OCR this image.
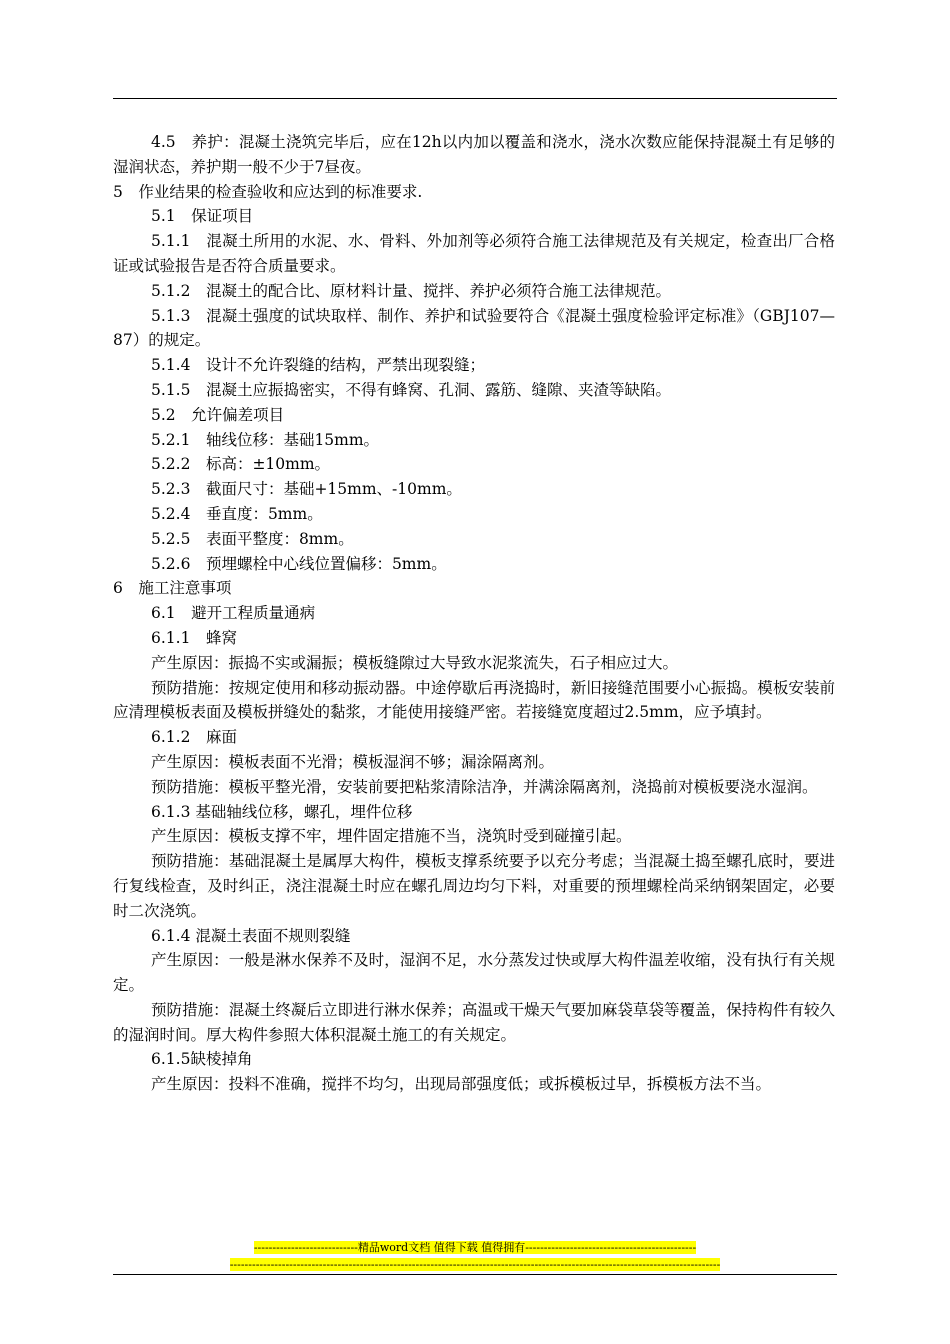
4.5　养护：混凝土浇筑完毕后，应在12h以内加以覆盖和浇水，浇水次数应能保持混凝土有足够的湿润状态，养护期一般不少于7昼夜。

5　作业结果的检查验收和应达到的标准要求.

5.1　保证项目

5.1.1　混凝土所用的水泥、水、骨料、外加剂等必须符合施工法律规范及有关规定，检查出厂合格证或试验报告是否符合质量要求。

5.1.2　混凝土的配合比、原材料计量、搅拌、养护必须符合施工法律规范。

5.1.3　混凝土强度的试块取样、制作、养护和试验要符合《混凝土强度检验评定标准》（GBJ107—87）的规定。

5.1.4　设计不允许裂缝的结构，严禁出现裂缝；

5.1.5　混凝土应振捣密实，不得有蜂窝、孔洞、露筋、缝隙、夹渣等缺陷。

5.2　允许偏差项目

5.2.1　轴线位移：基础15mm。

5.2.2　标高：±10mm。

5.2.3　截面尺寸：基础+15mm、-10mm。

5.2.4　垂直度：5mm。

5.2.5　表面平整度：8mm。

5.2.6　预埋螺栓中心线位置偏移：5mm。

6　施工注意事项

6.1　避开工程质量通病

6.1.1　蜂窝

产生原因：振捣不实或漏振；模板缝隙过大导致水泥浆流失，石子相应过大。

预防措施：按规定使用和移动振动器。中途停歇后再浇捣时，新旧接缝范围要小心振捣。模板安装前应清理模板表面及模板拼缝处的黏浆，才能使用接缝严密。若接缝宽度超过2.5mm，应予填封。

6.1.2　麻面

产生原因：模板表面不光滑；模板湿润不够；漏涂隔离剂。

预防措施：模板平整光滑，安装前要把粘浆清除洁净，并满涂隔离剂，浇捣前对模板要浇水湿润。

6.1.3 基础轴线位移，螺孔，埋件位移

产生原因：模板支撑不牢，埋件固定措施不当，浇筑时受到碰撞引起。

预防措施：基础混凝土是属厚大构件，模板支撑系统要予以充分考虑；当混凝土捣至螺孔底时，要进行复线检查，及时纠正，浇注混凝土时应在螺孔周边均匀下料，对重要的预埋螺栓尚采纳钢架固定，必要时二次浇筑。

6.1.4 混凝土表面不规则裂缝

产生原因：一般是淋水保养不及时，湿润不足，水分蒸发过快或厚大构件温差收缩，没有执行有关规定。

预防措施：混凝土终凝后立即进行淋水保养；高温或干燥天气要加麻袋草袋等覆盖，保持构件有较久的湿润时间。厚大构件参照大体积混凝土施工的有关规定。

6.1.5缺棱掉角

产生原因：投料不准确，搅拌不均匀，出现局部强度低；或拆模板过早，拆模板方法不当。

----------------------------精品word文档 值得下载 值得拥有----------------------------------------------
------------------------------------------------------------------------------------------------------------------------------------
